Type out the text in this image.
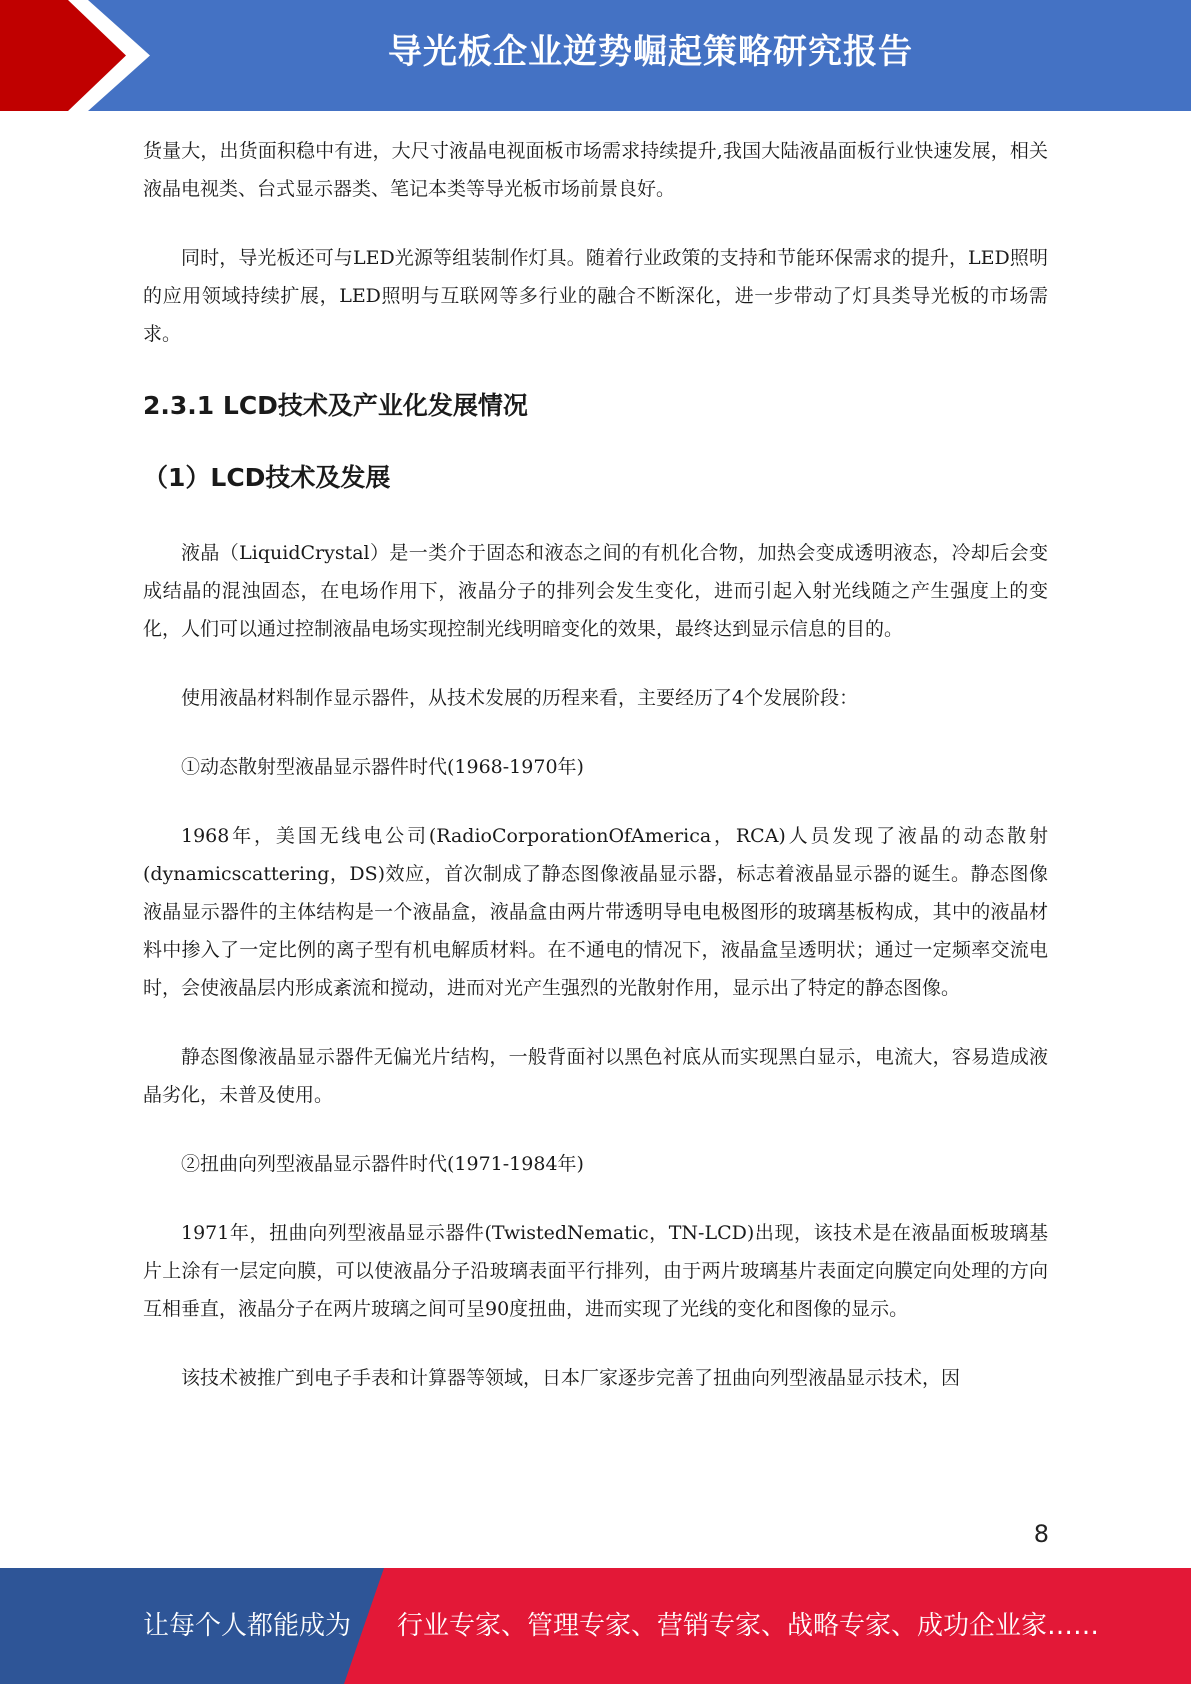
导光板企业逆势崛起策略研究报告

货量大，出货面积稳中有进，大尺寸液晶电视面板市场需求持续提升,我国大陆液晶面板行业快速发展，相关液晶电视类、台式显示器类、笔记本类等导光板市场前景良好。

同时，导光板还可与LED光源等组装制作灯具。随着行业政策的支持和节能环保需求的提升，LED照明的应用领域持续扩展，LED照明与互联网等多行业的融合不断深化，进一步带动了灯具类导光板的市场需求。

2.3.1 LCD技术及产业化发展情况
（1）LCD技术及发展

液晶（LiquidCrystal）是一类介于固态和液态之间的有机化合物，加热会变成透明液态，冷却后会变成结晶的混浊固态，在电场作用下，液晶分子的排列会发生变化，进而引起入射光线随之产生强度上的变化，人们可以通过控制液晶电场实现控制光线明暗变化的效果，最终达到显示信息的目的。

使用液晶材料制作显示器件，从技术发展的历程来看，主要经历了4个发展阶段：

①动态散射型液晶显示器件时代(1968-1970年)

1968年，美国无线电公司(RadioCorporationOfAmerica，RCA)人员发现了液晶的动态散射(dynamicscattering，DS)效应，首次制成了静态图像液晶显示器，标志着液晶显示器的诞生。静态图像液晶显示器件的主体结构是一个液晶盒，液晶盒由两片带透明导电电极图形的玻璃基板构成，其中的液晶材料中掺入了一定比例的离子型有机电解质材料。在不通电的情况下，液晶盒呈透明状；通过一定频率交流电时，会使液晶层内形成紊流和搅动，进而对光产生强烈的光散射作用，显示出了特定的静态图像。

静态图像液晶显示器件无偏光片结构，一般背面衬以黑色衬底从而实现黑白显示，电流大，容易造成液晶劣化，未普及使用。

②扭曲向列型液晶显示器件时代(1971-1984年)

1971年，扭曲向列型液晶显示器件(TwistedNematic，TN-LCD)出现，该技术是在液晶面板玻璃基片上涂有一层定向膜，可以使液晶分子沿玻璃表面平行排列，由于两片玻璃基片表面定向膜定向处理的方向互相垂直，液晶分子在两片玻璃之间可呈90度扭曲，进而实现了光线的变化和图像的显示。

该技术被推广到电子手表和计算器等领域，日本厂家逐步完善了扭曲向列型液晶显示技术，因

8
让每个人都能成为 行业专家、管理专家、营销专家、战略专家、成功企业家……
